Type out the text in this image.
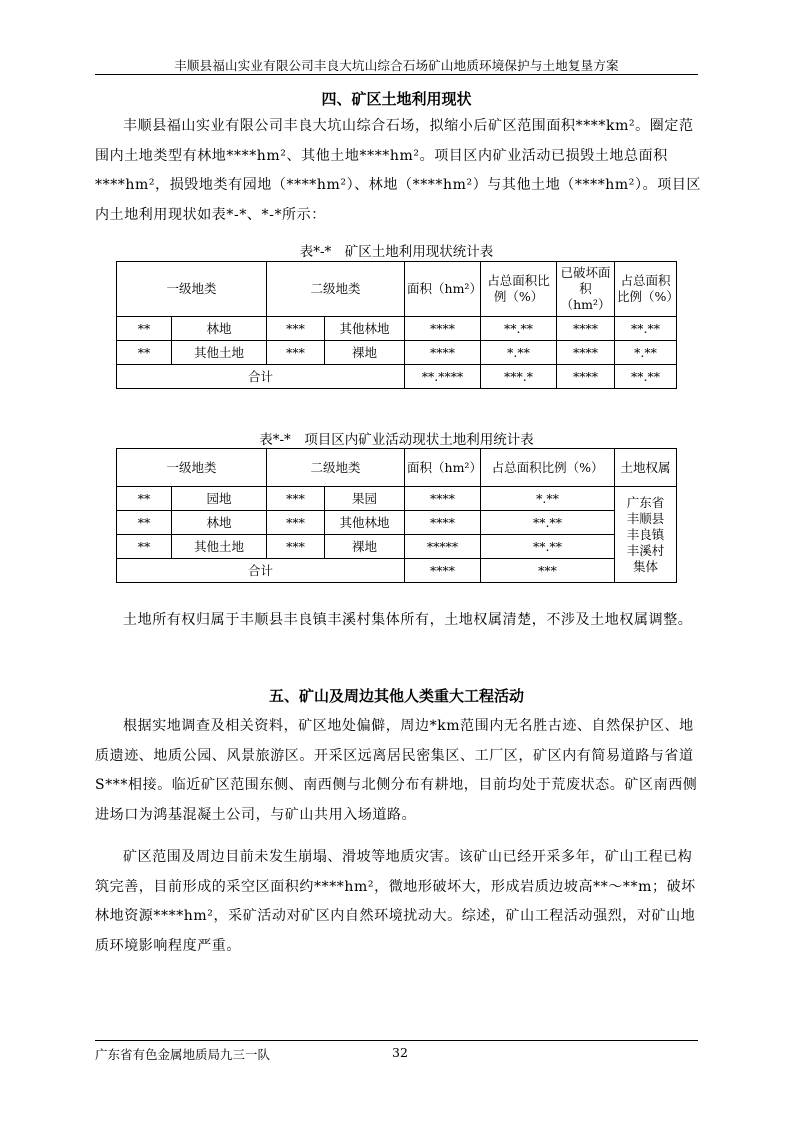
丰顺县福山实业有限公司丰良大坑山综合石场矿山地质环境保护与土地复垦方案
四、矿区土地利用现状

丰顺县福山实业有限公司丰良大坑山综合石场，拟缩小后矿区范围面积****km²。圈定范围内土地类型有林地****hm²、其他土地****hm²。项目区内矿业活动已损毁土地总面积****hm²，损毁地类有园地（****hm²）、林地（****hm²）与其他土地（****hm²）。项目区内土地利用现状如表*-*、*-*所示：

表*-*　矿区土地利用现状统计表
一级地类		二级地类		面积（hm²）	占总面积比例（%）	已破坏面积（hm²）	占总面积比例（%）
**	林地	***	其他林地	****	**.**	****	**.**
**	其他土地	***	裸地	****	*.**	****	*.**
合计				**.****	***.*	****	**.**
表*-*　项目区内矿业活动现状土地利用统计表
一级地类		二级地类		面积（hm²）	占总面积比例（%）	土地权属
**	园地	***	果园	****	*.**	广东省丰顺县丰良镇丰溪村集体
**	林地	***	其他林地	****	**.**	
**	其他土地	***	裸地	*****	**.**	
合计				****	***	

土地所有权归属于丰顺县丰良镇丰溪村集体所有，土地权属清楚，不涉及土地权属调整。

五、矿山及周边其他人类重大工程活动

根据实地调查及相关资料，矿区地处偏僻，周边*km范围内无名胜古迹、自然保护区、地质遗迹、地质公园、风景旅游区。开采区远离居民密集区、工厂区，矿区内有简易道路与省道S***相接。临近矿区范围东侧、南西侧与北侧分布有耕地，目前均处于荒废状态。矿区南西侧进场口为鸿基混凝土公司，与矿山共用入场道路。

矿区范围及周边目前未发生崩塌、滑坡等地质灾害。该矿山已经开采多年，矿山工程已构筑完善，目前形成的采空区面积约****hm²，微地形破坏大，形成岩质边坡高**～**m；破坏林地资源****hm²，采矿活动对矿区内自然环境扰动大。综述，矿山工程活动强烈，对矿山地质环境影响程度严重。

广东省有色金属地质局九三一队	32
